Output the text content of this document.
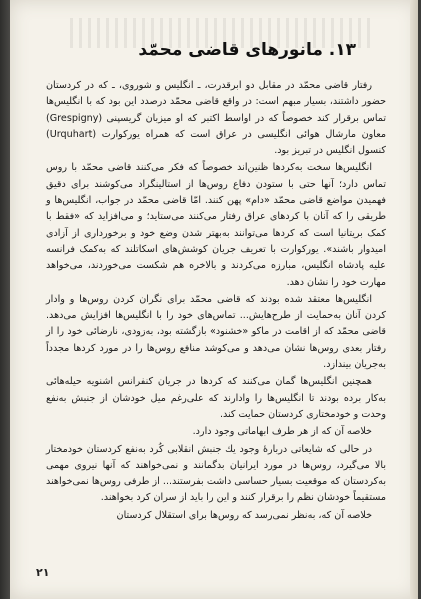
۱۳. مانورهای قاضی محمّد

رفتار قاضی محمّد در مقابل دو ابرقدرت، ـ انگلیس و شوروی، ـ که در کردستان حضور داشتند، بسیار مبهم است: در واقع قاضی محمّد درصدد این بود که با انگلیس‌ها تماس برقرار کند خصوصاً که در اواسط اکتبر که او میزبان گریسپنی (Grespigny) معاون مارشال هوائی انگلیسی در عراق است که همراه یورکوارت (Urquhart) کنسول انگلیس در تبریز بود.

انگلیس‌ها سخت به‌کردها ظنین‌اند خصوصاً که فکر می‌کنند قاضی محمّد با روس تماس دارد؛ آنها حتی با ستودن دفاع روس‌ها از استالینگراد می‌کوشند برای دقیق فهمیدن مواضع قاضی محمّد «دام» پهن کنند. امّا قاضی محمّد در جواب، انگلیس‌ها و طریقی را که آنان با کردهای عراق رفتار می‌کنند می‌ستاید؛ و می‌افزاید که «فقط با کمک بریتانیا است که کردها می‌توانند به‌بهتر شدن وضع خود و برخورداری از آزادی امیدوار باشند». یورکوارت با تعریف جریان کوشش‌های اسکاتلند که به‌کمک فرانسه علیه پادشاه انگلیس، مبارزه می‌کردند و بالاخره هم شکست می‌خوردند، می‌خواهد مهارت خود را نشان دهد.

انگلیس‌ها معتقد شده بودند که قاضی محمّد برای نگران کردن روس‌ها و وادار کردن آنان به‌حمایت از طرح‌هایش... تماس‌های خود را با انگلیس‌ها افزایش می‌دهد. قاضی محمّد که از اقامت در ماکو «خشنود» بازگشته بود، به‌زودی، نارضائی خود را از رفتار بعدی روس‌ها نشان می‌دهد و می‌کوشد منافع روس‌ها را در مورد کردها مجدداً به‌جریان بیندازد.

همچنین انگلیس‌ها گمان می‌کنند که کردها در جریان کنفرانس اشنویه حیله‌هائی به‌کار برده بودند تا انگلیس‌ها را وادارند که علی‌رغم میل خودشان از جنبش به‌نفع وحدت و خودمختاری کردستان حمایت کند.

خلاصه آن که از هر طرف ابهاماتی وجود دارد.

در حالی که شایعاتی دربارهٔ وجود یك جنبش انقلابی کُرد به‌نفع کردستان خودمختار بالا می‌گیرد، روس‌ها در مورد ایرانیان بدگمانند و نمی‌خواهند که آنها نیروی مهمی به‌کردستان که موقعیت بسیار حساسی داشت بفرستند... از طرفی روس‌ها نمی‌خواهند مستقیماً خودشان نظم را برقرار کنند و این را باید از سران کرد بخواهند.

خلاصه آن که، به‌نظر نمی‌رسد که روس‌ها برای استقلال کردستان

۲۱
